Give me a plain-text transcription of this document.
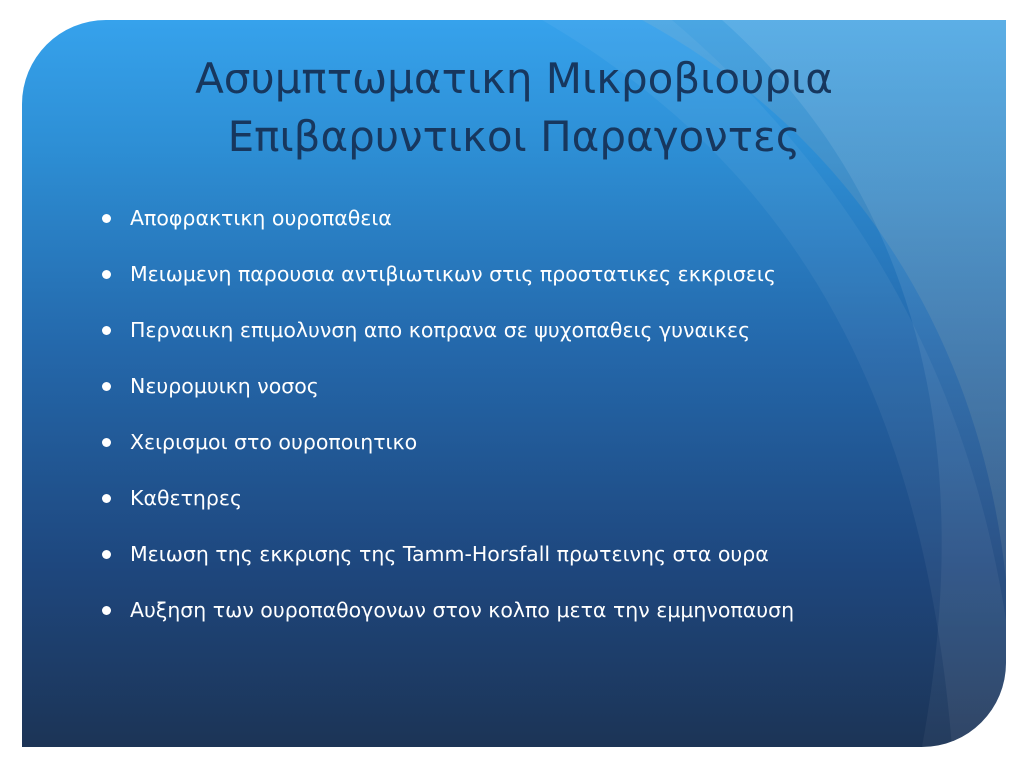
Ασυμπτωματικη Μικροβιουρια
Επιβαρυντικοι Παραγοντες
Αποφρακτικη ουροπαθεια
Μειωμενη παρουσια αντιβιωτικων στις προστατικες εκκρισεις
Περναιικη επιμολυνση απο κοπρανα σε ψυχοπαθεις γυναικες
Νευρομυικη νοσος
Χειρισμοι στο ουροποιητικο
Καθετηρες
Μειωση της εκκρισης της Tamm-Horsfall πρωτεινης στα ουρα
Αυξηση των ουροπαθογονων στον κολπο μετα την εμμηνοπαυση
